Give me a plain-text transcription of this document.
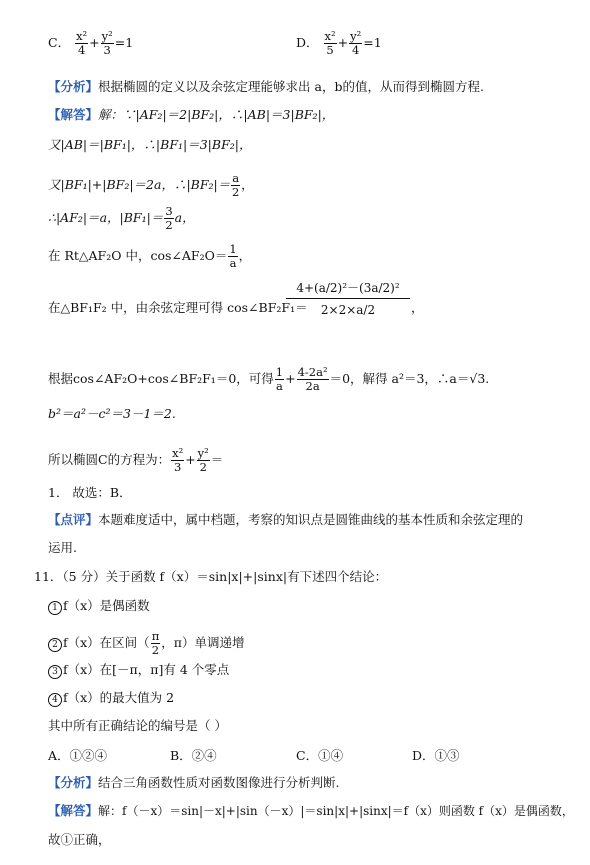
C． $\frac{\text{x²}}{4} + \frac{\text{y²}}{3} =1$	D． $\frac{\text{x²}}{5} + \frac{\text{y²}}{4} =1$
【分析】根据椭圆的定义以及余弦定理能够求出 a，b的值，从而得到椭圆方程.
【解答】解：∵|AF₂|＝2|BF₂|，∴|AB|＝3|BF₂|，
又|AB|＝|BF₁|，∴|BF₁|＝3|BF₂|，
又|BF₁|+|BF₂|＝2a，∴|BF₂|＝ $\frac{a}{2}$ ，
∴|AF₂|＝a，$|BF_1|= \frac{3}{2}$ a，
在 Rt△AF₂O 中，cos∠AF₂O＝ $\frac{1}{a}$ ，
在△BF₁F₂ 中，由余弦定理可得 cos∠BF₂F₁＝
$\frac{\text{4+(a/2)²－(3a/2)²}}{2\times 2\times a/2}$ ，
根据cos∠AF₂O+cos∠BF₂F₁＝0，可得 $\frac{1}{a} + \frac{\text{4-2a²}}{2a} =0$，解得 a²＝3，∴a＝√3.
b²＝a²－c²＝3－1＝2.
所以椭圆C的方程为： $\frac{\text{x²}}{3} + \frac{\text{y²}}{2}$ ＝
1． 故选：B．
【点评】本题难度适中，属中档题，考察的知识点是圆锥曲线的基本性质和余弦定理的
运用.
11．（5 分）关于函数 f（x）＝sin|x|+|sinx|有下述四个结论：
1 f（x）是偶函数
2 f（x）在区间（ $\frac{\pi}{2}$ ，π）单调递增
3 f（x）在[－π，π]有 4 个零点
4 f（x）的最大值为 2
其中所有正确结论的编号是（ ）
A．①②④	B．②④	C．①④	D．①③
【分析】结合三角函数性质对函数图像进行分析判断.
【解答】解：f（－x）＝sin|－x|+|sin（－x）|＝sin|x|+|sinx|＝f（x）则函数 f（x）是偶函数，
故①正确，
